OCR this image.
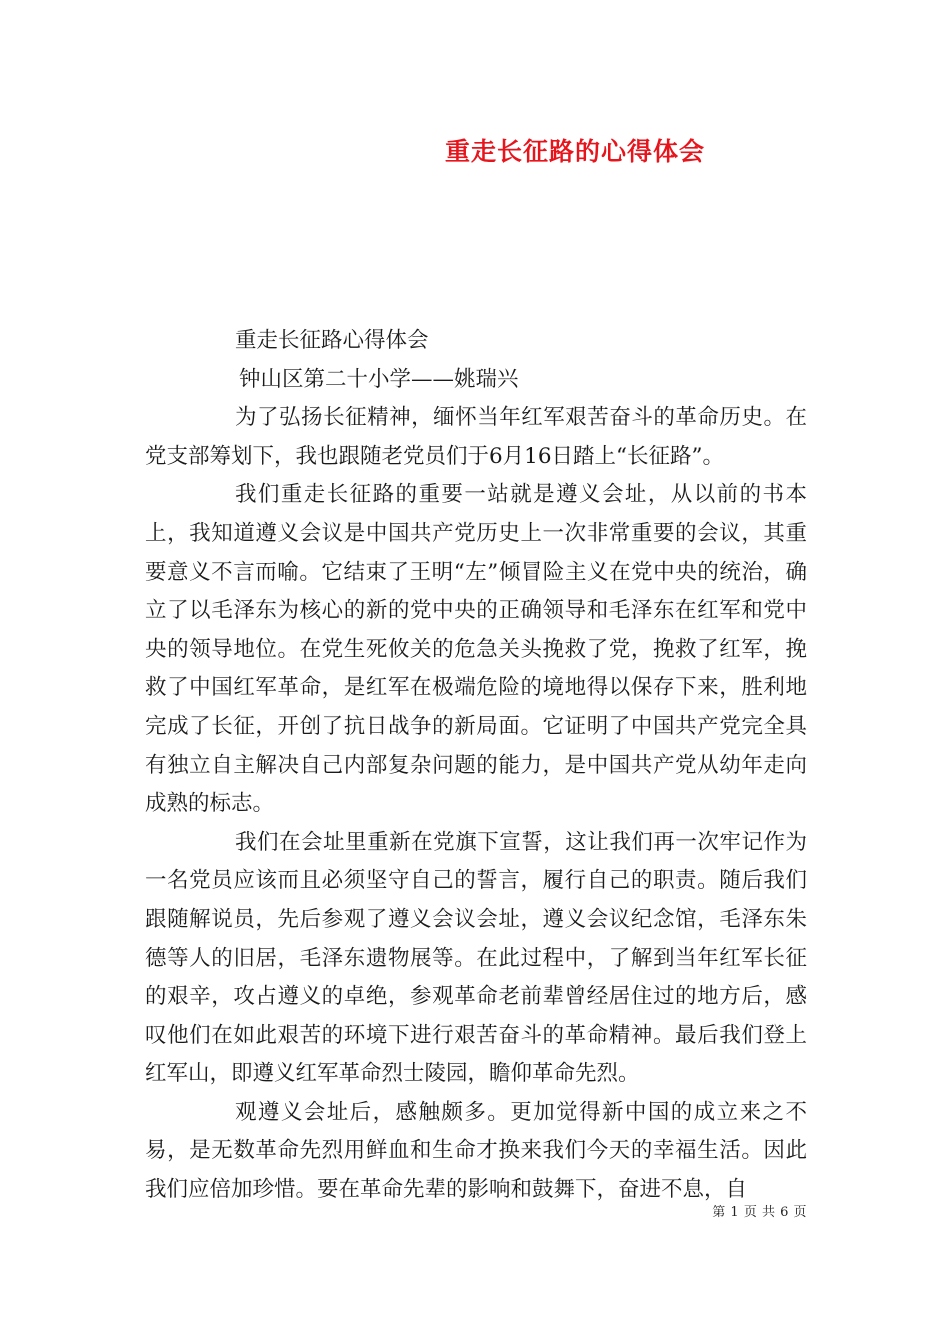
重走长征路的心得体会

重走长征路心得体会

钟山区第二十小学——姚瑞兴

为了弘扬长征精神，缅怀当年红军艰苦奋斗的革命历史。在党支部筹划下，我也跟随老党员们于6月16日踏上“长征路”。

我们重走长征路的重要一站就是遵义会址，从以前的书本上，我知道遵义会议是中国共产党历史上一次非常重要的会议，其重要意义不言而喻。它结束了王明“左”倾冒险主义在党中央的统治，确立了以毛泽东为核心的新的党中央的正确领导和毛泽东在红军和党中央的领导地位。在党生死攸关的危急关头挽救了党，挽救了红军，挽救了中国红军革命，是红军在极端危险的境地得以保存下来，胜利地完成了长征，开创了抗日战争的新局面。它证明了中国共产党完全具有独立自主解决自己内部复杂问题的能力，是中国共产党从幼年走向成熟的标志。

我们在会址里重新在党旗下宣誓，这让我们再一次牢记作为一名党员应该而且必须坚守自己的誓言，履行自己的职责。随后我们跟随解说员，先后参观了遵义会议会址，遵义会议纪念馆，毛泽东朱德等人的旧居，毛泽东遗物展等。在此过程中，了解到当年红军长征的艰辛，攻占遵义的卓绝，参观革命老前辈曾经居住过的地方后，感叹他们在如此艰苦的环境下进行艰苦奋斗的革命精神。最后我们登上红军山，即遵义红军革命烈士陵园，瞻仰革命先烈。

观遵义会址后，感触颇多。更加觉得新中国的成立来之不易，是无数革命先烈用鲜血和生命才换来我们今天的幸福生活。因此我们应倍加珍惜。要在革命先辈的影响和鼓舞下，奋进不息，自

第 1 页 共 6 页
